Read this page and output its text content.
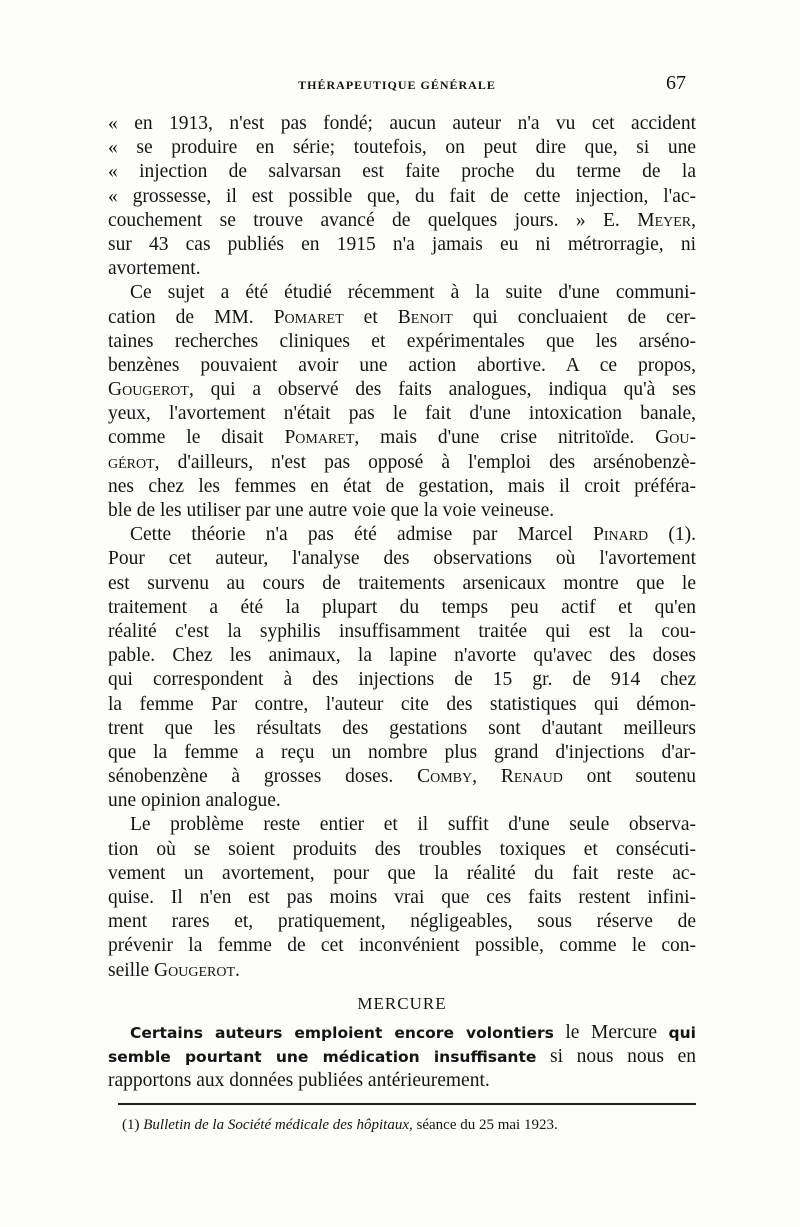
THÉRAPEUTIQUE GÉNÉRALE	67
« en 1913, n'est pas fondé; aucun auteur n'a vu cet accident
« se produire en série; toutefois, on peut dire que, si une
« injection de salvarsan est faite proche du terme de la
« grossesse, il est possible que, du fait de cette injection, l'ac-
couchement se trouve avancé de quelques jours. » E. Meyer,
sur 43 cas publiés en 1915 n'a jamais eu ni métrorragie, ni
avortement.
Ce sujet a été étudié récemment à la suite d'une communi-
cation de MM. Pomaret et Benoit qui concluaient de cer-
taines recherches cliniques et expérimentales que les arséno-
benzènes pouvaient avoir une action abortive. A ce propos,
Gougerot, qui a observé des faits analogues, indiqua qu'à ses
yeux, l'avortement n'était pas le fait d'une intoxication banale,
comme le disait Pomaret, mais d'une crise nitritoïde. Gou-
gérot, d'ailleurs, n'est pas opposé à l'emploi des arsénobenzè-
nes chez les femmes en état de gestation, mais il croit préféra-
ble de les utiliser par une autre voie que la voie veineuse.
Cette théorie n'a pas été admise par Marcel Pinard (1).
Pour cet auteur, l'analyse des observations où l'avortement
est survenu au cours de traitements arsenicaux montre que le
traitement a été la plupart du temps peu actif et qu'en
réalité c'est la syphilis insuffisamment traitée qui est la cou-
pable. Chez les animaux, la lapine n'avorte qu'avec des doses
qui correspondent à des injections de 15 gr. de 914 chez
la femme Par contre, l'auteur cite des statistiques qui démon-
trent que les résultats des gestations sont d'autant meilleurs
que la femme a reçu un nombre plus grand d'injections d'ar-
sénobenzène à grosses doses. Comby, Renaud ont soutenu
une opinion analogue.
Le problème reste entier et il suffit d'une seule observa-
tion où se soient produits des troubles toxiques et consécuti-
vement un avortement, pour que la réalité du fait reste ac-
quise. Il n'en est pas moins vrai que ces faits restent infini-
ment rares et, pratiquement, négligeables, sous réserve de
prévenir la femme de cet inconvénient possible, comme le con-
seille Gougerot.
MERCURE
Certains auteurs emploient encore volontiers le Mercure qui
semble pourtant une médication insuffisante si nous nous en
rapportons aux données publiées antérieurement.
(1) Bulletin de la Société médicale des hôpitaux, séance du 25 mai 1923.
